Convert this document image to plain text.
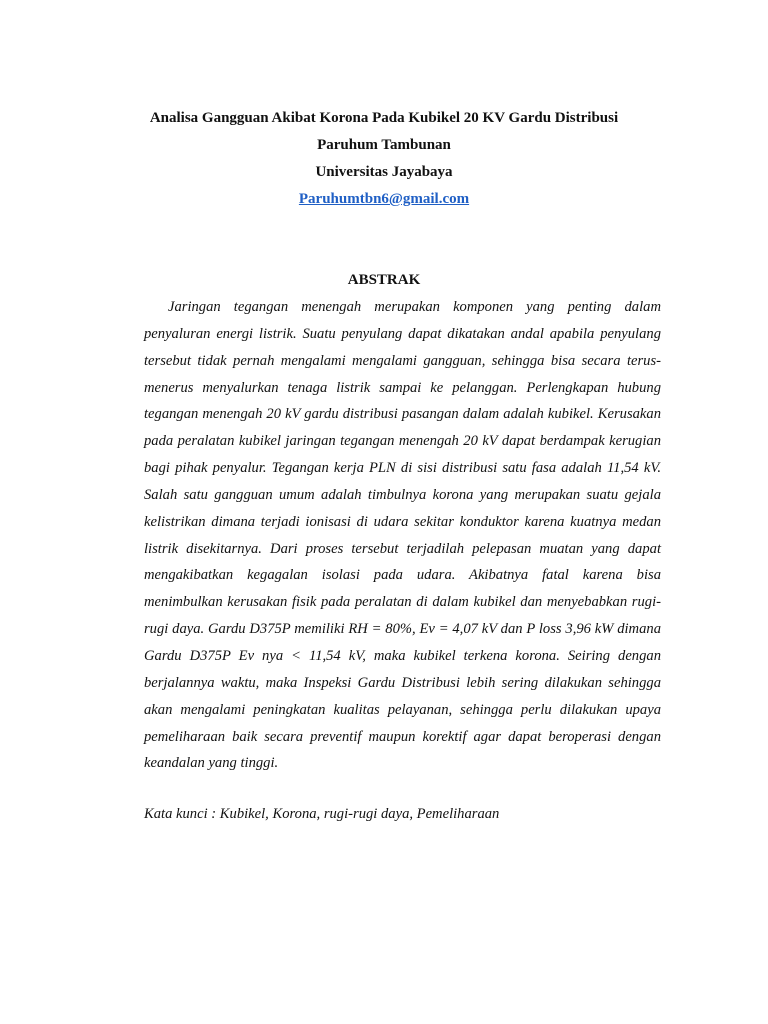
Analisa Gangguan Akibat Korona Pada Kubikel 20 KV Gardu Distribusi
Paruhum Tambunan
Universitas Jayabaya
Paruhumtbn6@gmail.com
ABSTRAK

Jaringan tegangan menengah merupakan komponen yang penting dalam penyaluran energi listrik. Suatu penyulang dapat dikatakan andal apabila penyulang tersebut tidak pernah mengalami mengalami gangguan, sehingga bisa secara terus-menerus menyalurkan tenaga listrik sampai ke pelanggan. Perlengkapan hubung tegangan menengah 20 kV gardu distribusi pasangan dalam adalah kubikel. Kerusakan pada peralatan kubikel jaringan tegangan menengah 20 kV dapat berdampak kerugian bagi pihak penyalur. Tegangan kerja PLN di sisi distribusi satu fasa adalah 11,54 kV. Salah satu gangguan umum adalah timbulnya korona yang merupakan suatu gejala kelistrikan dimana terjadi ionisasi di udara sekitar konduktor karena kuatnya medan listrik disekitarnya. Dari proses tersebut terjadilah pelepasan muatan yang dapat mengakibatkan kegagalan isolasi pada udara. Akibatnya fatal karena bisa menimbulkan kerusakan fisik pada peralatan di dalam kubikel dan menyebabkan rugi-rugi daya. Gardu D375P memiliki RH = 80%, Ev = 4,07 kV dan P loss 3,96 kW dimana Gardu D375P Ev nya < 11,54 kV, maka kubikel terkena korona. Seiring dengan berjalannya waktu, maka Inspeksi Gardu Distribusi lebih sering dilakukan sehingga akan mengalami peningkatan kualitas pelayanan, sehingga perlu dilakukan upaya pemeliharaan baik secara preventif maupun korektif agar dapat beroperasi dengan keandalan yang tinggi.

Kata kunci : Kubikel, Korona, rugi-rugi daya, Pemeliharaan
